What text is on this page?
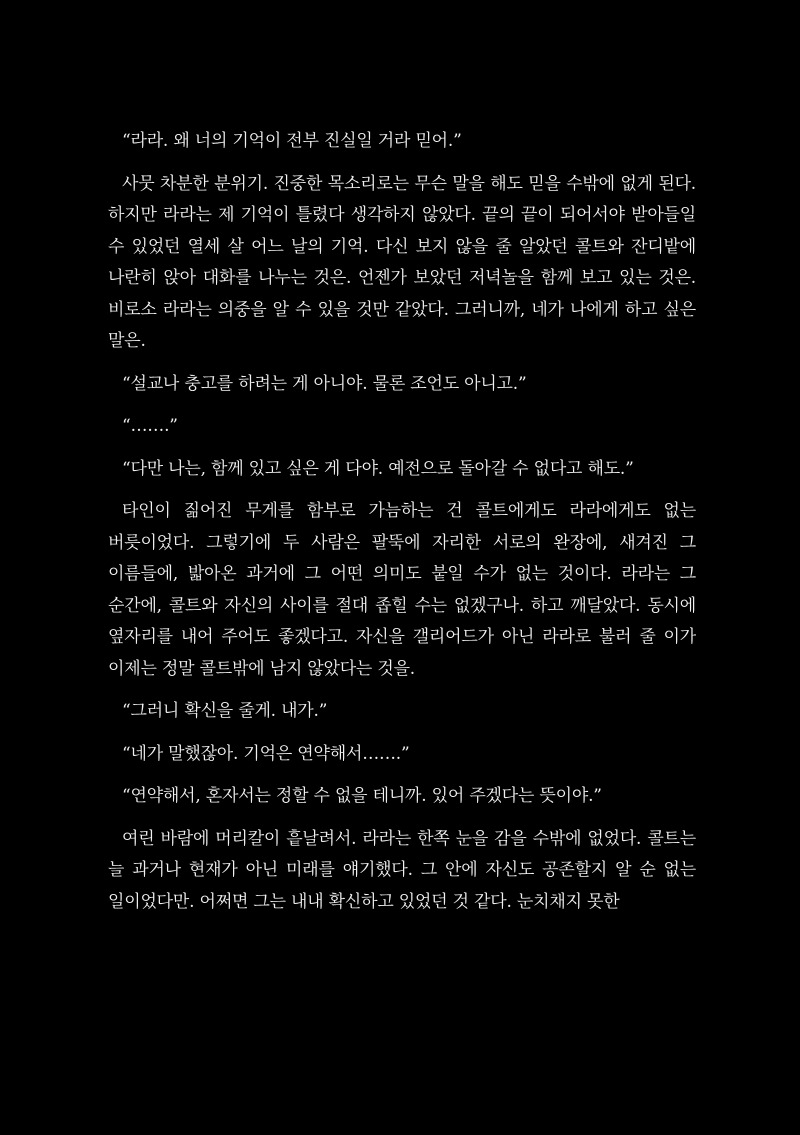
“라라. 왜 너의 기억이 전부 진실일 거라 믿어.”

사뭇 차분한 분위기. 진중한 목소리로는 무슨 말을 해도 믿을 수밖에 없게 된다. 하지만 라라는 제 기억이 틀렸다 생각하지 않았다. 끝의 끝이 되어서야 받아들일 수 있었던 열세 살 어느 날의 기억. 다신 보지 않을 줄 알았던 콜트와 잔디밭에 나란히 앉아 대화를 나누는 것은. 언젠가 보았던 저녁놀을 함께 보고 있는 것은. 비로소 라라는 의중을 알 수 있을 것만 같았다. 그러니까, 네가 나에게 하고 싶은 말은.

“설교나 충고를 하려는 게 아니야. 물론 조언도 아니고.”

“…….”

“다만 나는, 함께 있고 싶은 게 다야. 예전으로 돌아갈 수 없다고 해도.”

타인이 짊어진 무게를 함부로 가늠하는 건 콜트에게도 라라에게도 없는 버릇이었다. 그렇기에 두 사람은 팔뚝에 자리한 서로의 완장에, 새겨진 그 이름들에, 밟아온 과거에 그 어떤 의미도 붙일 수가 없는 것이다. 라라는 그 순간에, 콜트와 자신의 사이를 절대 좁힐 수는 없겠구나. 하고 깨달았다. 동시에 옆자리를 내어 주어도 좋겠다고. 자신을 갤리어드가 아닌 라라로 불러 줄 이가 이제는 정말 콜트밖에 남지 않았다는 것을.

“그러니 확신을 줄게. 내가.”

“네가 말했잖아. 기억은 연약해서…….”

“연약해서, 혼자서는 정할 수 없을 테니까. 있어 주겠다는 뜻이야.”

여린 바람에 머리칼이 흩날려서. 라라는 한쪽 눈을 감을 수밖에 없었다. 콜트는 늘 과거나 현재가 아닌 미래를 얘기했다. 그 안에 자신도 공존할지 알 순 없는 일이었다만. 어쩌면 그는 내내 확신하고 있었던 것 같다. 눈치채지 못한
